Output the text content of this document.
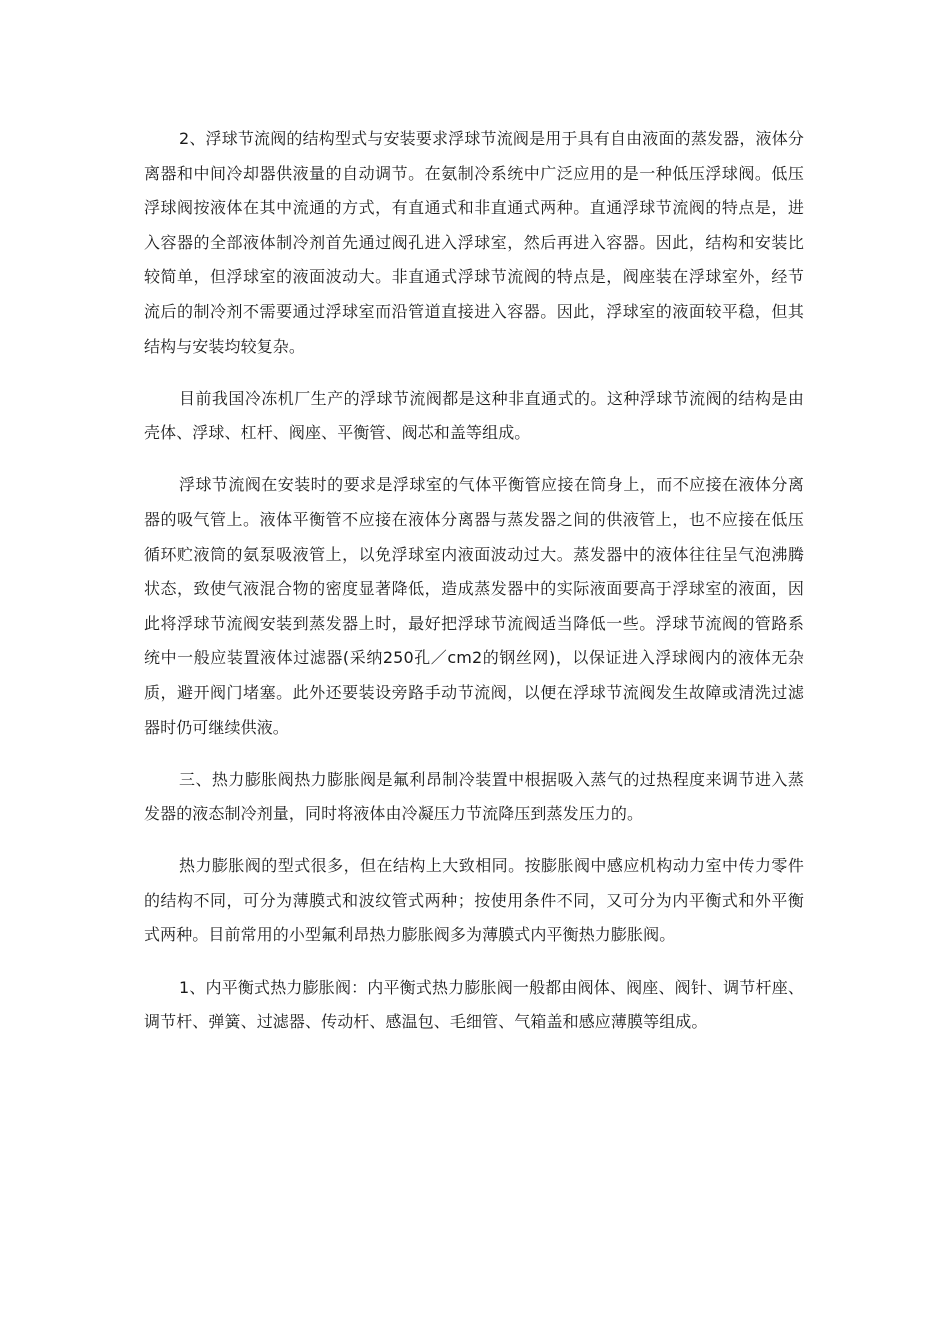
2、浮球节流阀的结构型式与安装要求浮球节流阀是用于具有自由液面的蒸发器，液体分离器和中间冷却器供液量的自动调节。在氨制冷系统中广泛应用的是一种低压浮球阀。低压浮球阀按液体在其中流通的方式，有直通式和非直通式两种。直通浮球节流阀的特点是，进入容器的全部液体制冷剂首先通过阀孔进入浮球室，然后再进入容器。因此，结构和安装比较简单，但浮球室的液面波动大。非直通式浮球节流阀的特点是，阀座装在浮球室外，经节流后的制冷剂不需要通过浮球室而沿管道直接进入容器。因此，浮球室的液面较平稳，但其结构与安装均较复杂。

目前我国冷冻机厂生产的浮球节流阀都是这种非直通式的。这种浮球节流阀的结构是由壳体、浮球、杠杆、阀座、平衡管、阀芯和盖等组成。

浮球节流阀在安装时的要求是浮球室的气体平衡管应接在筒身上，而不应接在液体分离器的吸气管上。液体平衡管不应接在液体分离器与蒸发器之间的供液管上，也不应接在低压循环贮液筒的氨泵吸液管上，以免浮球室内液面波动过大。蒸发器中的液体往往呈气泡沸腾状态，致使气液混合物的密度显著降低，造成蒸发器中的实际液面要高于浮球室的液面，因此将浮球节流阀安装到蒸发器上时，最好把浮球节流阀适当降低一些。浮球节流阀的管路系统中一般应装置液体过滤器(采纳250孔／cm2的钢丝网)，以保证进入浮球阀内的液体无杂质，避开阀门堵塞。此外还要装设旁路手动节流阀，以便在浮球节流阀发生故障或清洗过滤器时仍可继续供液。

三、热力膨胀阀热力膨胀阀是氟利昂制冷装置中根据吸入蒸气的过热程度来调节进入蒸发器的液态制冷剂量，同时将液体由冷凝压力节流降压到蒸发压力的。

热力膨胀阀的型式很多，但在结构上大致相同。按膨胀阀中感应机构动力室中传力零件的结构不同，可分为薄膜式和波纹管式两种；按使用条件不同，又可分为内平衡式和外平衡式两种。目前常用的小型氟利昂热力膨胀阀多为薄膜式内平衡热力膨胀阀。

1、内平衡式热力膨胀阀：内平衡式热力膨胀阀一般都由阀体、阀座、阀针、调节杆座、调节杆、弹簧、过滤器、传动杆、感温包、毛细管、气箱盖和感应薄膜等组成。
